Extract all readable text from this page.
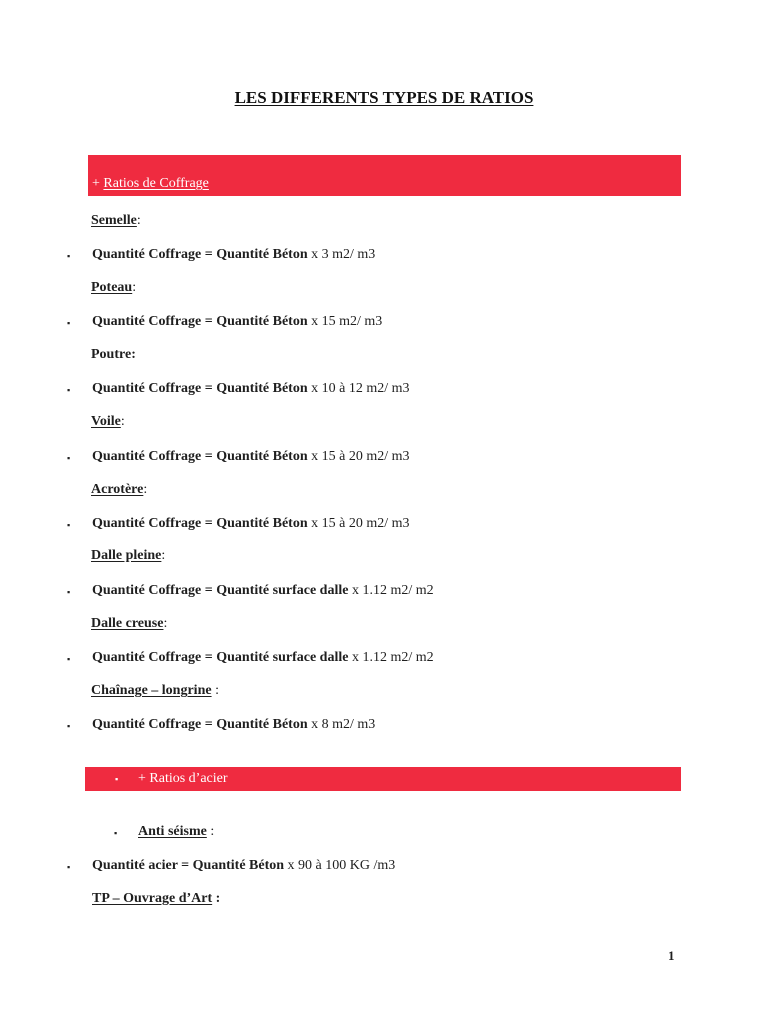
LES DIFFERENTS TYPES DE RATIOS
+ Ratios de Coffrage
Semelle:
▪ Quantité Coffrage = Quantité Béton x 3 m2/ m3
Poteau:
▪ Quantité Coffrage = Quantité Béton x 15 m2/ m3
Poutre:
▪ Quantité Coffrage = Quantité Béton x 10 à 12 m2/ m3
Voile:
▪ Quantité Coffrage = Quantité Béton x 15 à 20 m2/ m3
Acrotère:
▪ Quantité Coffrage = Quantité Béton x 15 à 20 m2/ m3
Dalle pleine:
▪ Quantité Coffrage = Quantité surface dalle x 1.12 m2/ m2
Dalle creuse:
▪ Quantité Coffrage = Quantité surface dalle x 1.12 m2/ m2
Chaînage – longrine :
▪ Quantité Coffrage = Quantité Béton x 8 m2/ m3
▪ + Ratios d’acier
▪ Anti séisme :
▪ Quantité acier = Quantité Béton x 90 à 100 KG /m3
TP – Ouvrage d’Art :
1
